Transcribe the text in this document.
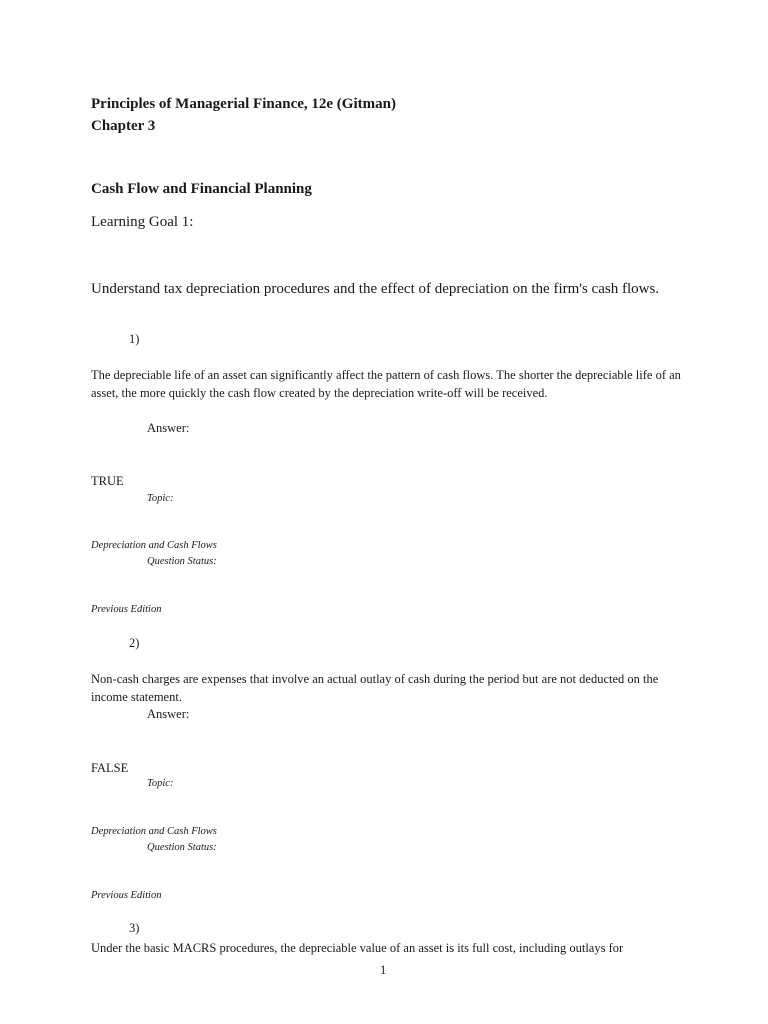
Principles of Managerial Finance, 12e (Gitman)
Chapter 3
Cash Flow and Financial Planning
Learning Goal 1:
Understand tax depreciation procedures and the effect of depreciation on the firm's cash flows.
1)
The depreciable life of an asset can significantly affect the pattern of cash flows. The shorter the depreciable life of an asset, the more quickly the cash flow created by the depreciation write-off will be received.
Answer:
TRUE
Topic:
Depreciation and Cash Flows
Question Status:
Previous Edition
2)
Non-cash charges are expenses that involve an actual outlay of cash during the period but are not deducted on the income statement.
Answer:
FALSE
Topic:
Depreciation and Cash Flows
Question Status:
Previous Edition
3)
Under the basic MACRS procedures, the depreciable value of an asset is its full cost, including outlays for
1
